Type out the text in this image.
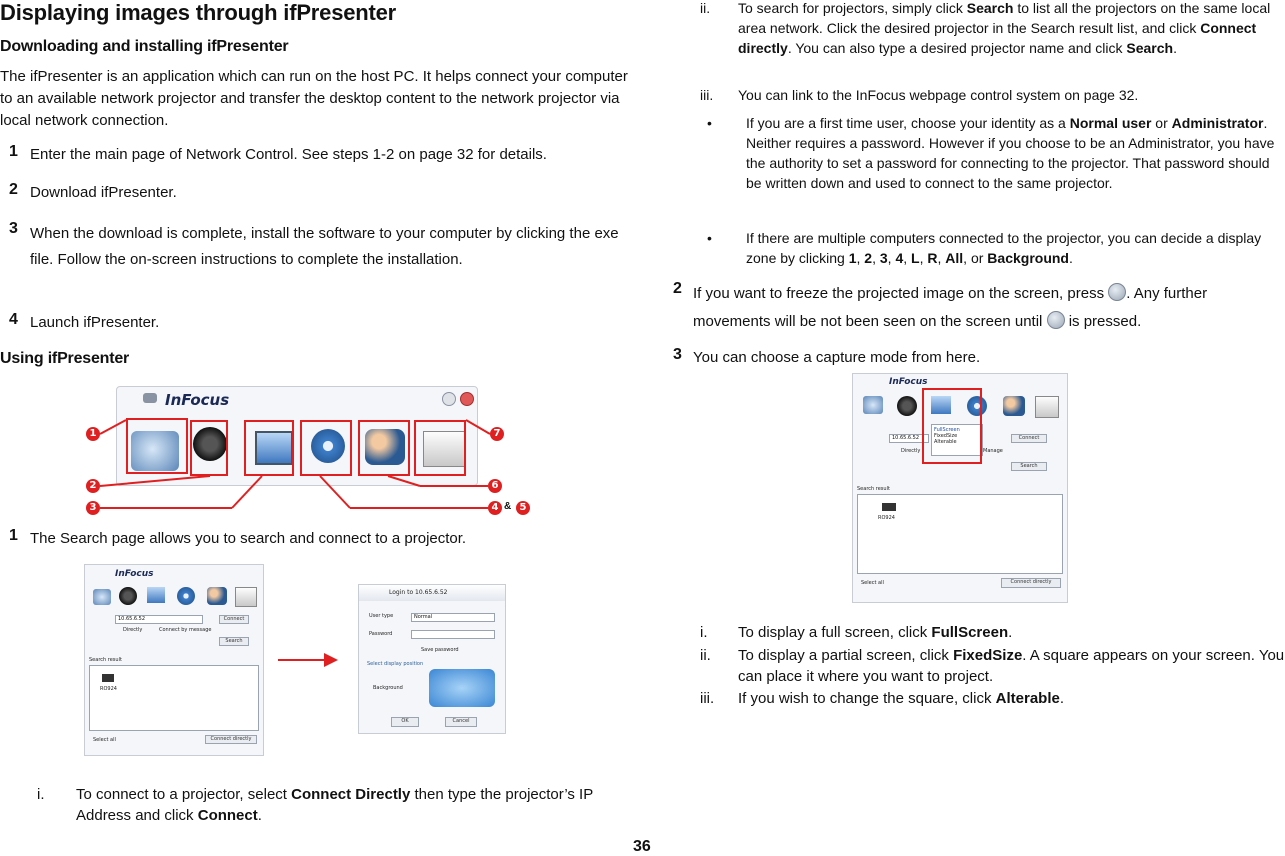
Displaying images through ifPresenter
Downloading and installing ifPresenter
The ifPresenter is an application which can run on the host PC. It helps connect your computer to an available network projector and transfer the desktop content to the network projector via local network connection.
1 Enter the main page of Network Control. See steps 1-2 on page 32 for details.
2 Download ifPresenter.
3 When the download is complete, install the software to your computer by clicking the exe file. Follow the on-screen instructions to complete the installation.
4 Launch ifPresenter.
Using ifPresenter
InFocus
1
2
3	4 & 5
6
7
1 The Search page allows you to search and connect to a projector.
InFocus
10.65.6.52	Connect
Directly	Connect by message
Search
Search result
RO924
Select all	Connect directly
Login to 10.65.6.52
User type	Normal
Password
Save password
Select display position
Background
OK	Cancel
i. To connect to a projector, select Connect Directly then type the projector’s IP Address and click Connect.
36
ii. To search for projectors, simply click Search to list all the projectors on the same local area network. Click the desired projector in the Search result list, and click Connect directly. You can also type a desired projector name and click Search.
iii. You can link to the InFocus webpage control system on page 32.
• If you are a first time user, choose your identity as a Normal user or Administrator. Neither requires a password. However if you choose to be an Administrator, you have the authority to set a password for connecting to the projector. That password should be written down and used to connect to the same projector.
• If there are multiple computers connected to the projector, you can decide a display zone by clicking 1, 2, 3, 4, L, R, All, or Background.
2 If you want to freeze the projected image on the screen, press . Any further movements will be not been seen on the screen until  is pressed.
3 You can choose a capture mode from here.
InFocus
10.65.6.52
FullScreen
FixedSize
Alterable
Connect
Directly	Manage
Search
Search result
RO924
Select all	Connect directly
i. To display a full screen, click FullScreen.
ii. To display a partial screen, click FixedSize. A square appears on your screen. You can place it where you want to project.
iii. If you wish to change the square, click Alterable.
